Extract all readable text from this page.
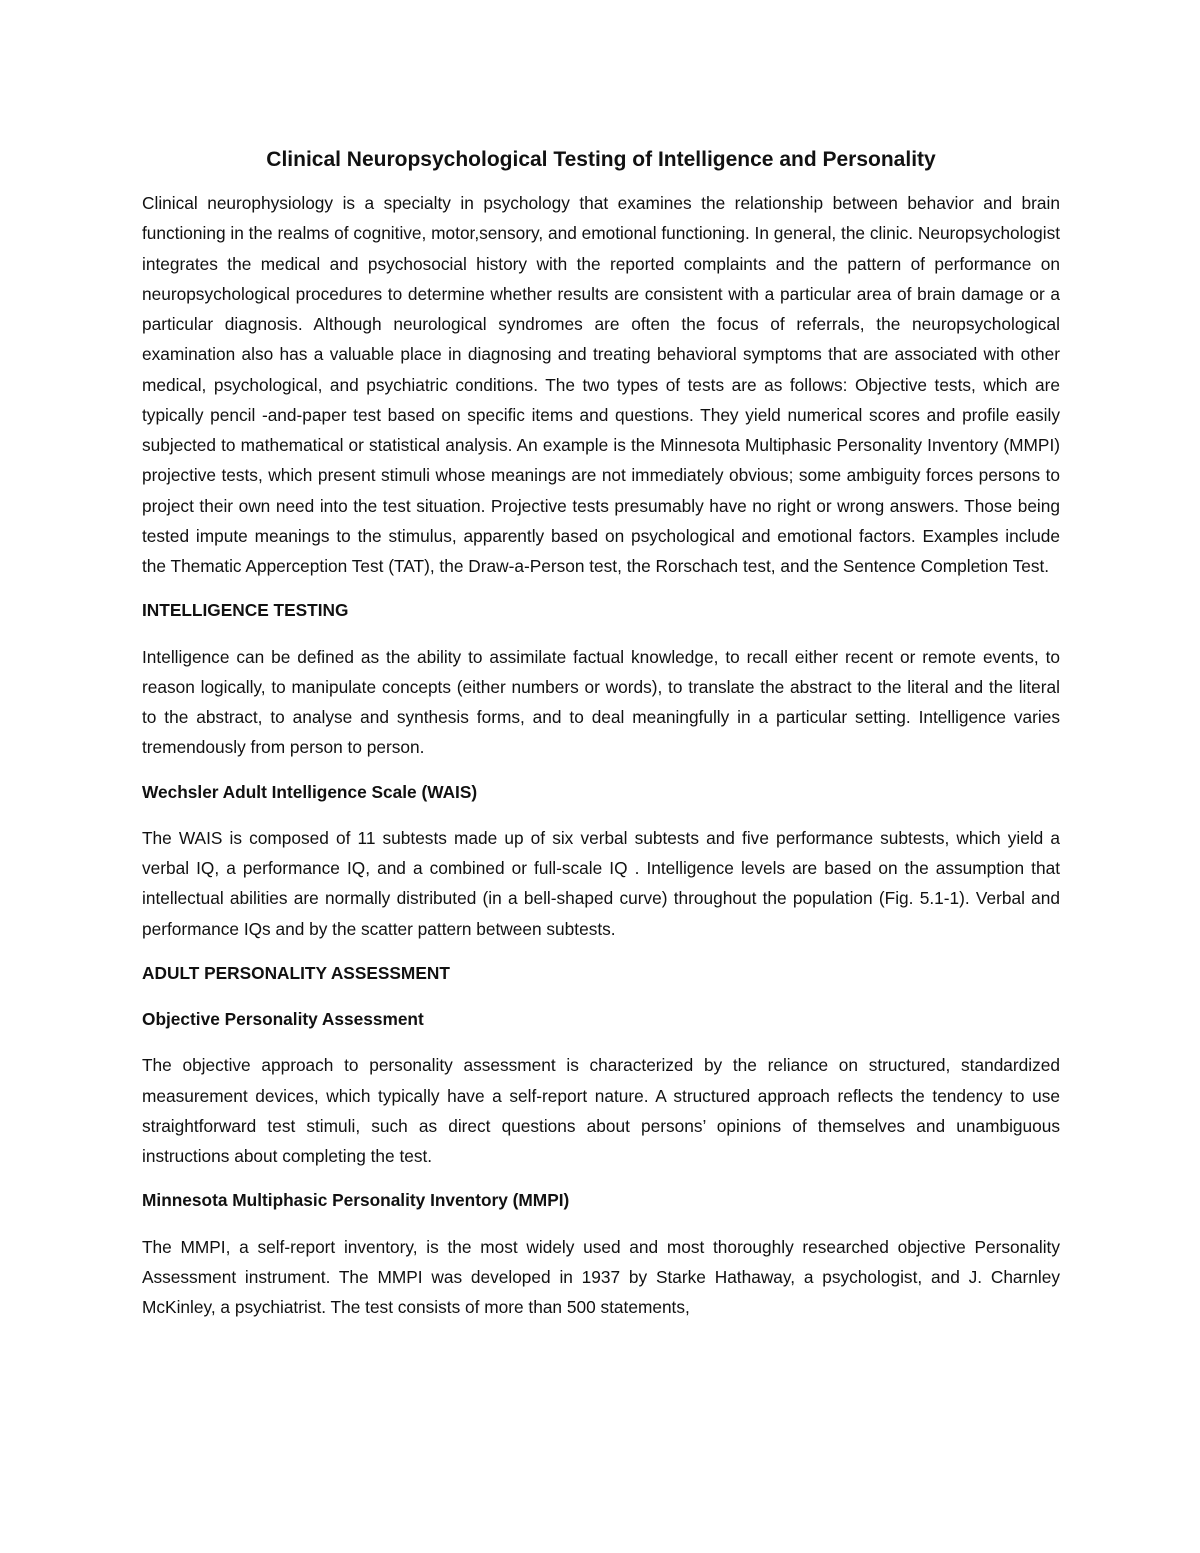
Clinical Neuropsychological Testing of Intelligence and Personality
Clinical neurophysiology is a specialty in psychology that examines the relationship between behavior and brain functioning in the realms of cognitive, motor,sensory, and emotional functioning. In general, the clinic. Neuropsychologist integrates the medical and psychosocial history with the reported complaints and the pattern of performance on neuropsychological procedures to determine whether results are consistent with a particular area of brain damage or a particular diagnosis. Although neurological syndromes are often the focus of referrals, the neuropsychological examination also has a valuable place in diagnosing and treating behavioral symptoms that are associated with other medical, psychological, and psychiatric conditions. The two types of tests are as follows: Objective tests, which are typically pencil -and-paper test based on specific items and questions. They yield numerical scores and profile easily subjected to mathematical or statistical analysis. An example is the Minnesota Multiphasic Personality Inventory (MMPI) projective tests, which present stimuli whose meanings are not immediately obvious; some ambiguity forces persons to project their own need into the test situation. Projective tests presumably have no right or wrong answers. Those being tested impute meanings to the stimulus, apparently based on psychological and emotional factors. Examples include the Thematic Apperception Test (TAT), the Draw-a-Person test, the Rorschach test, and the Sentence Completion Test.
INTELLIGENCE TESTING
Intelligence can be defined as the ability to assimilate factual knowledge, to recall either recent or remote events, to reason logically, to manipulate concepts (either numbers or words), to translate the abstract to the literal and the literal to the abstract, to analyse and synthesis forms, and to deal meaningfully in a particular setting. Intelligence varies tremendously from person to person.
Wechsler Adult Intelligence Scale (WAIS)
The WAIS is composed of 11 subtests made up of six verbal subtests and five performance subtests, which yield a verbal IQ, a performance IQ, and a combined or full-scale IQ . Intelligence levels are based on the assumption that intellectual abilities are normally distributed (in a bell-shaped curve) throughout the population (Fig. 5.1-1). Verbal and performance IQs and by the scatter pattern between subtests.
ADULT PERSONALITY ASSESSMENT
Objective Personality Assessment
The objective approach to personality assessment is characterized by the reliance on structured, standardized measurement devices, which typically have a self-report nature. A structured approach reflects the tendency to use straightforward test stimuli, such as direct questions about persons’ opinions of themselves and unambiguous instructions about completing the test.
Minnesota Multiphasic Personality Inventory (MMPI)
The MMPI, a self-report inventory, is the most widely used and most thoroughly researched objective Personality Assessment instrument. The MMPI was developed in 1937 by Starke Hathaway, a psychologist, and J. Charnley McKinley, a psychiatrist. The test consists of more than 500 statements,
